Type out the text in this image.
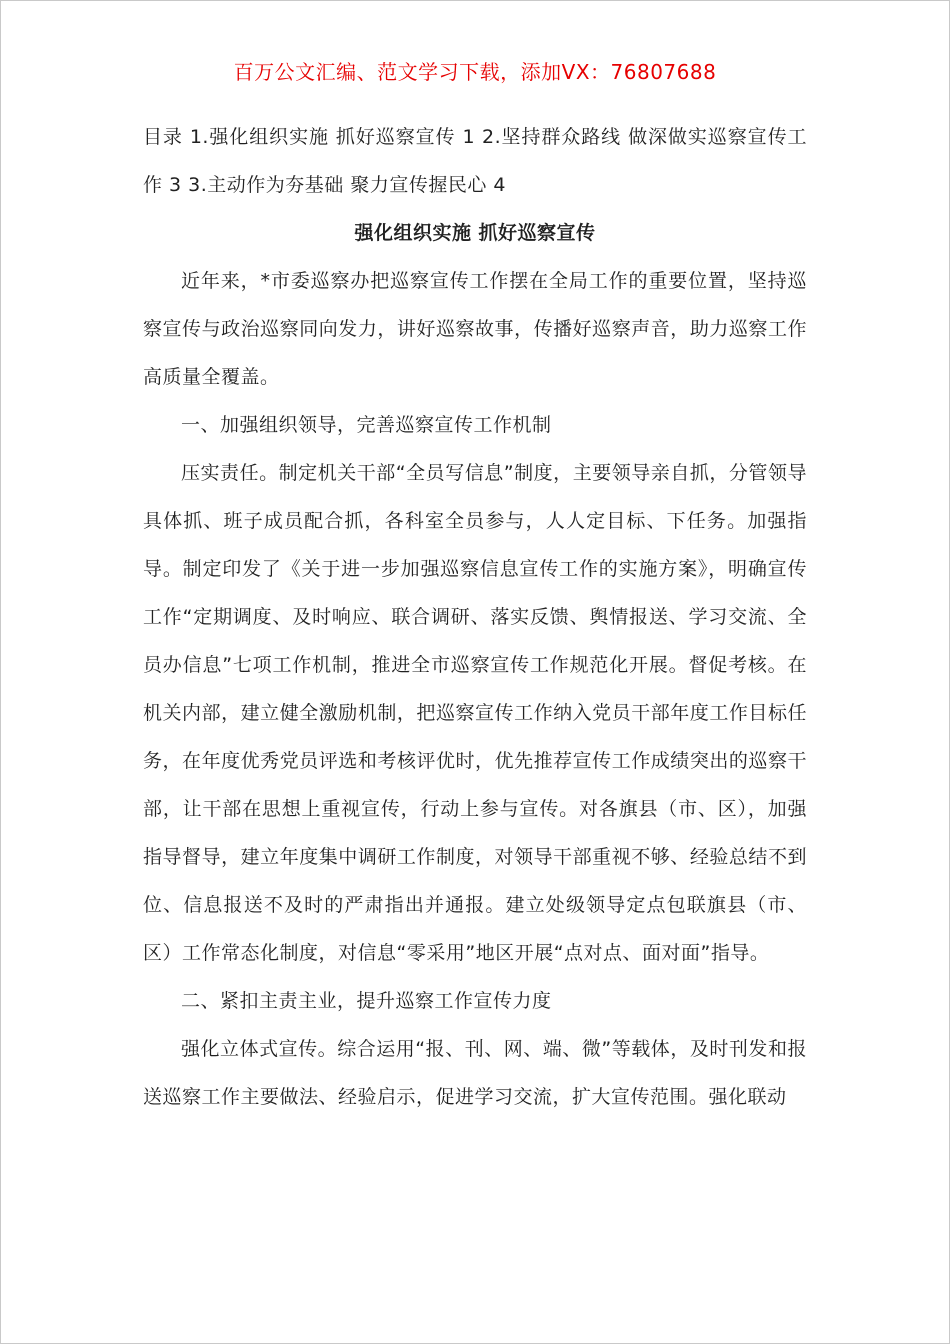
百万公文汇编、范文学习下载，添加VX：76807688

目录 1.强化组织实施 抓好巡察宣传 1 2.坚持群众路线 做深做实巡察宣传工作 3 3.主动作为夯基础 聚力宣传握民心 4

强化组织实施 抓好巡察宣传

近年来，*市委巡察办把巡察宣传工作摆在全局工作的重要位置，坚持巡察宣传与政治巡察同向发力，讲好巡察故事，传播好巡察声音，助力巡察工作高质量全覆盖。

一、加强组织领导，完善巡察宣传工作机制

压实责任。制定机关干部“全员写信息”制度，主要领导亲自抓，分管领导具体抓、班子成员配合抓，各科室全员参与，人人定目标、下任务。加强指导。制定印发了《关于进一步加强巡察信息宣传工作的实施方案》，明确宣传工作“定期调度、及时响应、联合调研、落实反馈、舆情报送、学习交流、全员办信息”七项工作机制，推进全市巡察宣传工作规范化开展。督促考核。在机关内部，建立健全激励机制，把巡察宣传工作纳入党员干部年度工作目标任务，在年度优秀党员评选和考核评优时，优先推荐宣传工作成绩突出的巡察干部，让干部在思想上重视宣传，行动上参与宣传。对各旗县（市、区），加强指导督导，建立年度集中调研工作制度，对领导干部重视不够、经验总结不到位、信息报送不及时的严肃指出并通报。建立处级领导定点包联旗县（市、区）工作常态化制度，对信息“零采用”地区开展“点对点、面对面”指导。

二、紧扣主责主业，提升巡察工作宣传力度

强化立体式宣传。综合运用“报、刊、网、端、微”等载体，及时刊发和报送巡察工作主要做法、经验启示，促进学习交流，扩大宣传范围。强化联动
